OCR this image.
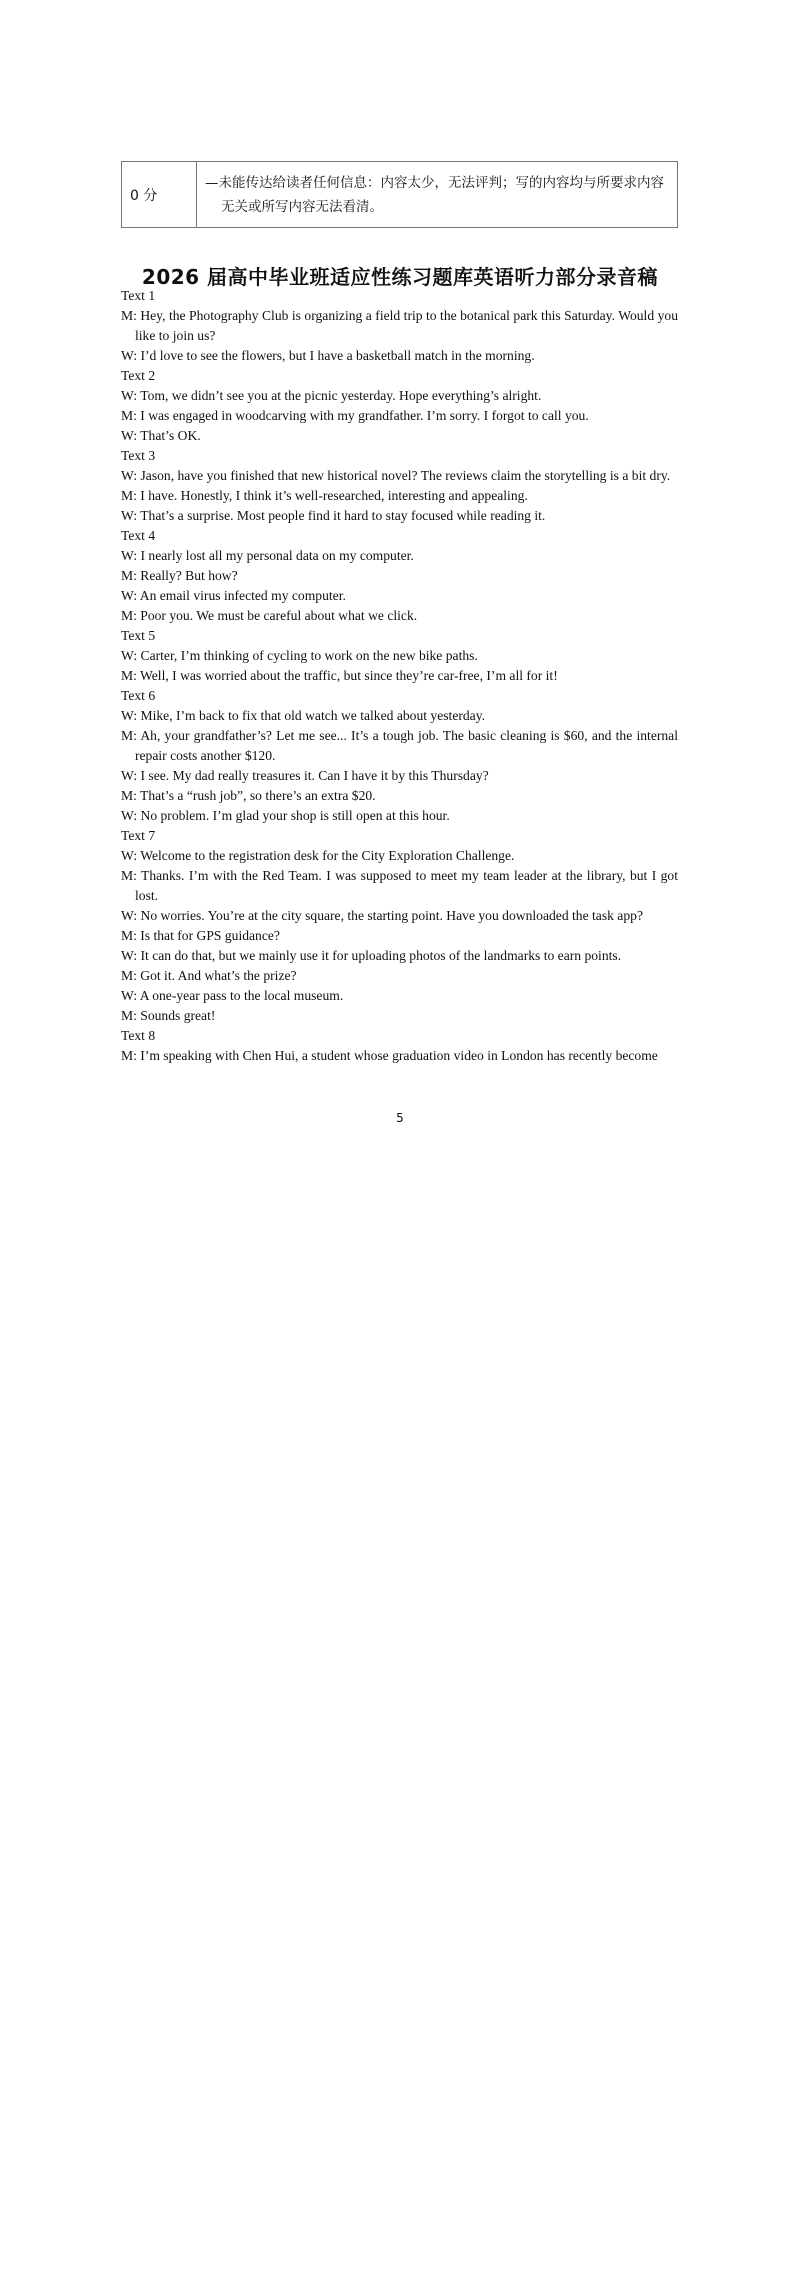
0 分	—未能传达给读者任何信息：内容太少，无法评判；写的内容均与所要求内容
无关或所写内容无法看清。
2026 届高中毕业班适应性练习题库英语听力部分录音稿

Text 1

M: Hey, the Photography Club is organizing a field trip to the botanical park this Saturday. Would you like to join us?

W: I’d love to see the flowers, but I have a basketball match in the morning.

Text 2

W: Tom, we didn’t see you at the picnic yesterday. Hope everything’s alright.

M: I was engaged in woodcarving with my grandfather. I’m sorry. I forgot to call you.

W: That’s OK.

Text 3

W: Jason, have you finished that new historical novel? The reviews claim the storytelling is a bit dry.

M: I have. Honestly, I think it’s well-researched, interesting and appealing.

W: That’s a surprise. Most people find it hard to stay focused while reading it.

Text 4

W: I nearly lost all my personal data on my computer.

M: Really? But how?

W: An email virus infected my computer.

M: Poor you. We must be careful about what we click.

Text 5

W: Carter, I’m thinking of cycling to work on the new bike paths.

M: Well, I was worried about the traffic, but since they’re car-free, I’m all for it!

Text 6

W: Mike, I’m back to fix that old watch we talked about yesterday.

M: Ah, your grandfather’s? Let me see... It’s a tough job. The basic cleaning is $60, and the internal repair costs another $120.

W: I see. My dad really treasures it. Can I have it by this Thursday?

M: That’s a “rush job”, so there’s an extra $20.

W: No problem. I’m glad your shop is still open at this hour.

Text 7

W: Welcome to the registration desk for the City Exploration Challenge.

M: Thanks. I’m with the Red Team. I was supposed to meet my team leader at the library, but I got lost.

W: No worries. You’re at the city square, the starting point. Have you downloaded the task app?

M: Is that for GPS guidance?

W: It can do that, but we mainly use it for uploading photos of the landmarks to earn points.

M: Got it. And what’s the prize?

W: A one-year pass to the local museum.

M: Sounds great!

Text 8

M: I’m speaking with Chen Hui, a student whose graduation video in London has recently become

5
